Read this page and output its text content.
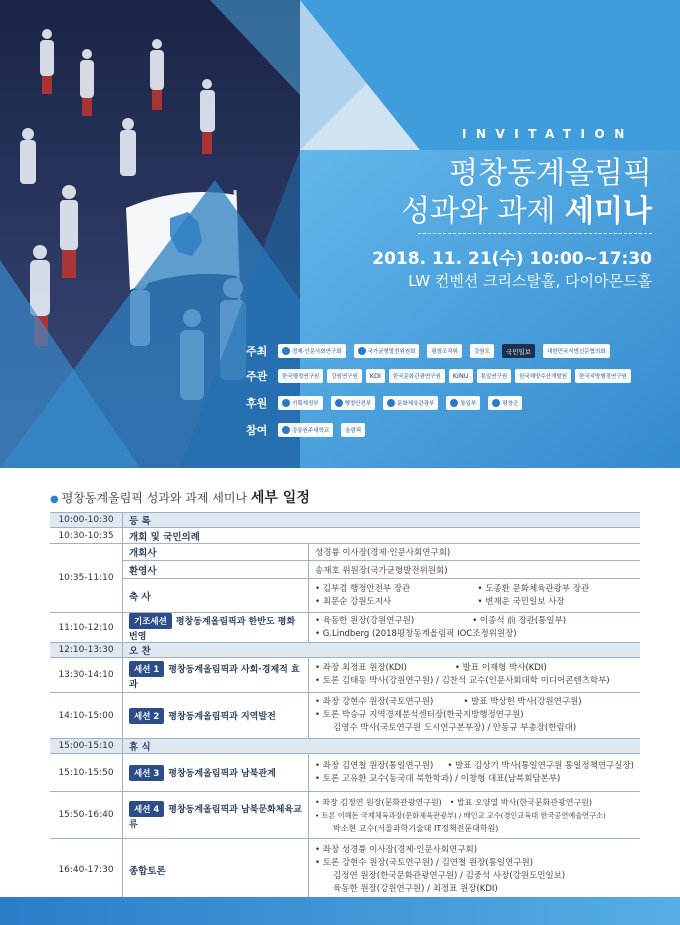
INVITATION
평창동계올림픽
성과와 과제 세미나
2018. 11. 21(수) 10:00~17:30
LW 컨벤션 크리스탈홀, 다이아몬드홀
주최	경제·인문사회연구회	국가균형발전위원회	평창조직위	강원도 국민일보	대한민국지방신문협의회
주관	한국행정연구원 강원연구원 KDI 한국문화관광연구원 KINU 통일연구원 한국해양수산개발원 한국지방행정연구원
후원	기획재정부	행정안전부	문화체육관광부	통일부	평창군
참여	강릉원주대학교	올림픽
● 평창동계올림픽 성과와 과제 세미나 세부 일정
10:00-10:30	등 록	
10:30-10:35	개회 및 국민의례	
10:35-11:10	개회사	성경륭 이사장(경제·인문사회연구회)
	환영사	송재호 위원장(국가균형발전위원회)
	축 사	• 김부겸 행정안전부 장관
• 최문순 강원도지사
• 도종환 문화체육관광부 장관
• 변재운 국민일보 사장

11:10-12:10	기조세션 평창동계올림픽과 한반도 평화번영	• 육동한 원장(강원연구원) • 이종석 前 장관(통일부)
• G.Lindberg (2018평창동계올림픽 IOC조정위원장)

12:10-13:30	오 찬	
13:30-14:10	세션 1 평창동계올림픽과 사회·경제적 효과	• 좌장 최정표 원장(KDI) • 발표 이재형 박사(KDI)
• 토론 김태동 박사(강원연구원) / 김찬석 교수(인문사회대학 미디어콘텐츠학부)

14:10-15:00	세션 2 평창동계올림픽과 지역발전	• 좌장 강현수 원장(국토연구원) • 발표 박상헌 박사(강원연구원)
• 토론 박승규 지역경제분석센터장(한국지방행정연구원)
김영수 박사(국토연구원 도시연구본부장) / 안동규 부총장(한림대)

15:00-15:10	휴 식	
15:10-15:50	세션 3 평창동계올림픽과 남북관계	• 좌장 김연철 원장(통일연구원) • 발표 김상기 박사(통일연구원 통일정책연구실장)
• 토론 고유환 교수(동국대 북한학과) / 이창형 대표(남북회담본부)

15:50-16:40	세션 4 평창동계올림픽과 남북문화체육교류	• 좌장 김정연 원장(문화관광연구원) • 발표 오양열 박사(한국문화관광연구원)
• 토론 이해돈 국제체육과장(문화체육관광부) / 배인교 교수(경인교육대 한국공연예술연구소)
박소현 교수(서울과학기술대 IT정책전문대학원)

16:40-17:30	종합토론	• 좌장 성경륭 이사장(경제·인문사회연구회)
• 토론 강현수 원장(국토연구원) / 김연철 원장(통일연구원)
김정연 원장(한국문화관광연구원) / 김중석 사장(강원도민일보)
육동한 원장(강원연구원) / 최정표 원장(KDI)
